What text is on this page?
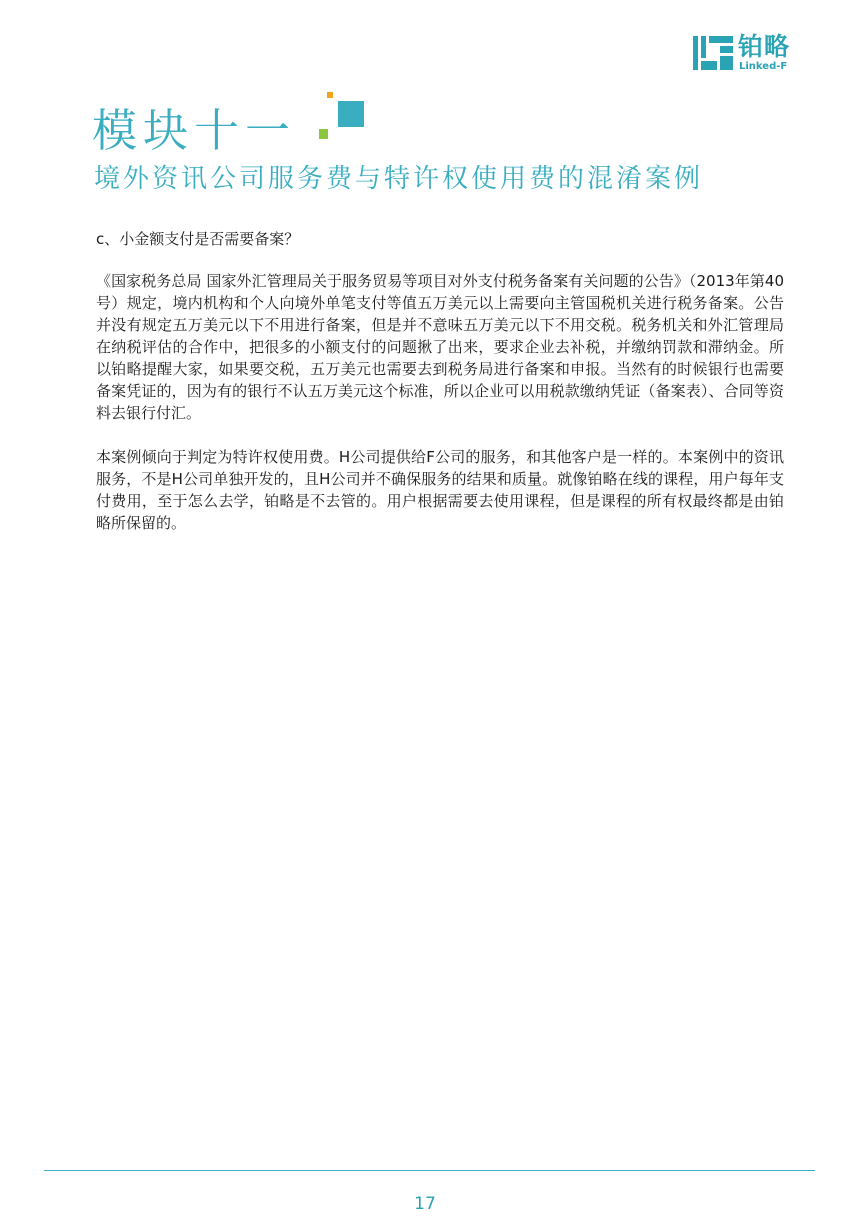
铂略
Linked-F
模块十一
境外资讯公司服务费与特许权使用费的混淆案例

c、小金额支付是否需要备案？

《国家税务总局 国家外汇管理局关于服务贸易等项目对外支付税务备案有关问题的公告》（2013年第40号）规定，境内机构和个人向境外单笔支付等值五万美元以上需要向主管国税机关进行税务备案。公告并没有规定五万美元以下不用进行备案，但是并不意味五万美元以下不用交税。税务机关和外汇管理局在纳税评估的合作中，把很多的小额支付的问题揪了出来，要求企业去补税，并缴纳罚款和滞纳金。所以铂略提醒大家，如果要交税，五万美元也需要去到税务局进行备案和申报。当然有的时候银行也需要备案凭证的，因为有的银行不认五万美元这个标准，所以企业可以用税款缴纳凭证（备案表）、合同等资料去银行付汇。

本案例倾向于判定为特许权使用费。H公司提供给F公司的服务，和其他客户是一样的。本案例中的资讯服务，不是H公司单独开发的，且H公司并不确保服务的结果和质量。就像铂略在线的课程，用户每年支付费用，至于怎么去学，铂略是不去管的。用户根据需要去使用课程，但是课程的所有权最终都是由铂略所保留的。

17
